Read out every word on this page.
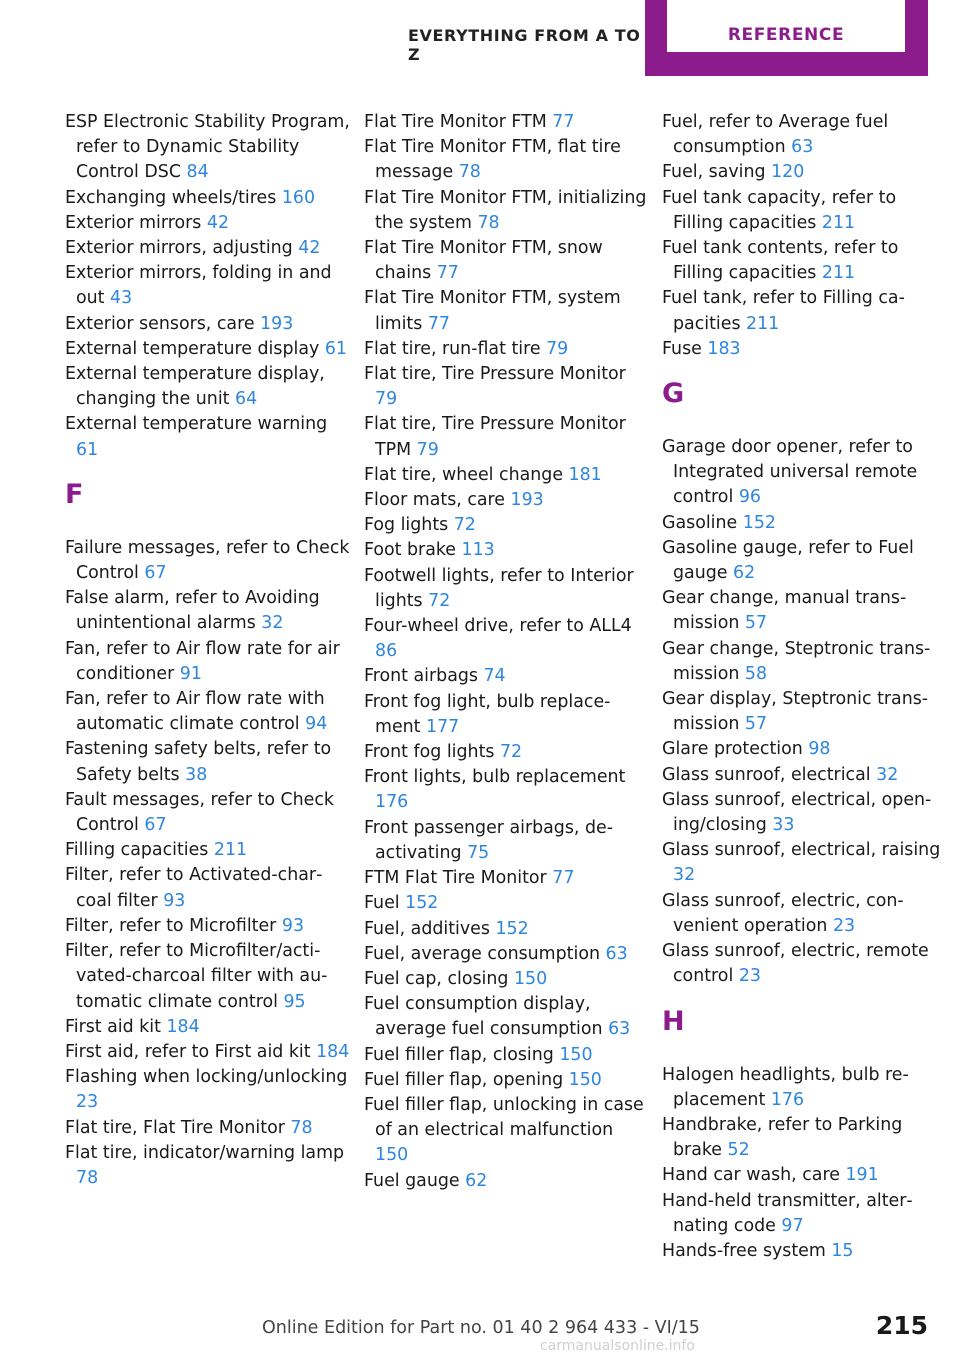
EVERYTHING FROM A TO Z
REFERENCE
ESP Electronic Stability Program, refer to Dynamic Stability Control DSC 84
Exchanging wheels/tires 160
Exterior mirrors 42
Exterior mirrors, adjusting 42
Exterior mirrors, folding in and out 43
Exterior sensors, care 193
External temperature display 61
External temperature display, changing the unit 64
External temperature warning 61
F
Failure messages, refer to Check Control 67
False alarm, refer to Avoiding unintentional alarms 32
Fan, refer to Air flow rate for air conditioner 91
Fan, refer to Air flow rate with automatic climate control 94
Fastening safety belts, refer to Safety belts 38
Fault messages, refer to Check Control 67
Filling capacities 211
Filter, refer to Activated-charcoal filter 93
Filter, refer to Microfilter 93
Filter, refer to Microfilter/activated-charcoal filter with automatic climate control 95
First aid kit 184
First aid, refer to First aid kit 184
Flashing when locking/unlocking 23
Flat tire, Flat Tire Monitor 78
Flat tire, indicator/warning lamp 78
Flat Tire Monitor FTM 77
Flat Tire Monitor FTM, flat tire message 78
Flat Tire Monitor FTM, initializing the system 78
Flat Tire Monitor FTM, snow chains 77
Flat Tire Monitor FTM, system limits 77
Flat tire, run-flat tire 79
Flat tire, Tire Pressure Monitor 79
Flat tire, Tire Pressure Monitor TPM 79
Flat tire, wheel change 181
Floor mats, care 193
Fog lights 72
Foot brake 113
Footwell lights, refer to Interior lights 72
Four-wheel drive, refer to ALL4 86
Front airbags 74
Front fog light, bulb replacement 177
Front fog lights 72
Front lights, bulb replacement 176
Front passenger airbags, deactivating 75
FTM Flat Tire Monitor 77
Fuel 152
Fuel, additives 152
Fuel, average consumption 63
Fuel cap, closing 150
Fuel consumption display, average fuel consumption 63
Fuel filler flap, closing 150
Fuel filler flap, opening 150
Fuel filler flap, unlocking in case of an electrical malfunction 150
Fuel gauge 62
Fuel, refer to Average fuel consumption 63
Fuel, saving 120
Fuel tank capacity, refer to Filling capacities 211
Fuel tank contents, refer to Filling capacities 211
Fuel tank, refer to Filling capacities 211
Fuse 183
G
Garage door opener, refer to Integrated universal remote control 96
Gasoline 152
Gasoline gauge, refer to Fuel gauge 62
Gear change, manual transmission 57
Gear change, Steptronic transmission 58
Gear display, Steptronic transmission 57
Glare protection 98
Glass sunroof, electrical 32
Glass sunroof, electrical, opening/closing 33
Glass sunroof, electrical, raising 32
Glass sunroof, electric, convenient operation 23
Glass sunroof, electric, remote control 23
H
Halogen headlights, bulb replacement 176
Handbrake, refer to Parking brake 52
Hand car wash, care 191
Hand-held transmitter, alternating code 97
Hands-free system 15
Online Edition for Part no. 01 40 2 964 433 - VI/15	215
carmanualsonline.info
